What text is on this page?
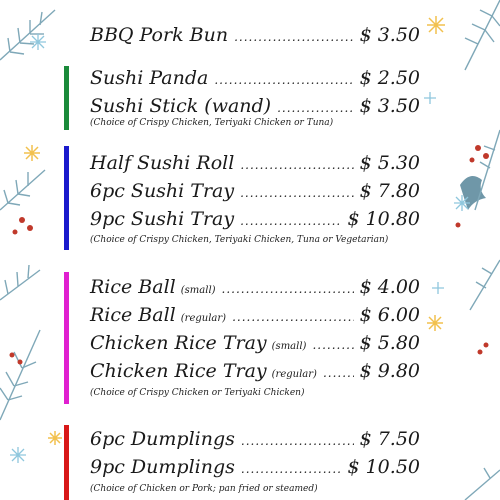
BBQ Pork Bun .....	$ 3.50
Sushi Panda .....	$ 2.50
Sushi Stick (wand) .....	$ 3.50
(Choice of Crispy Chicken, Teriyaki Chicken or Tuna)
Half Sushi Roll .....	$ 5.30
6pc Sushi Tray .....	$ 7.80
9pc Sushi Tray .....	$ 10.80
(Choice of Crispy Chicken, Teriyaki Chicken, Tuna or Vegetarian)
Rice Ball (small) .....	$ 4.00
Rice Ball (regular) .....	$ 6.00
Chicken Rice Tray (small) .....	$ 5.80
Chicken Rice Tray (regular) ..... $ 9.80
(Choice of Crispy Chicken or Teriyaki Chicken)
6pc Dumplings .....	$ 7.50
9pc Dumplings .....	$ 10.50
(Choice of Chicken or Pork; pan fried or steamed)
